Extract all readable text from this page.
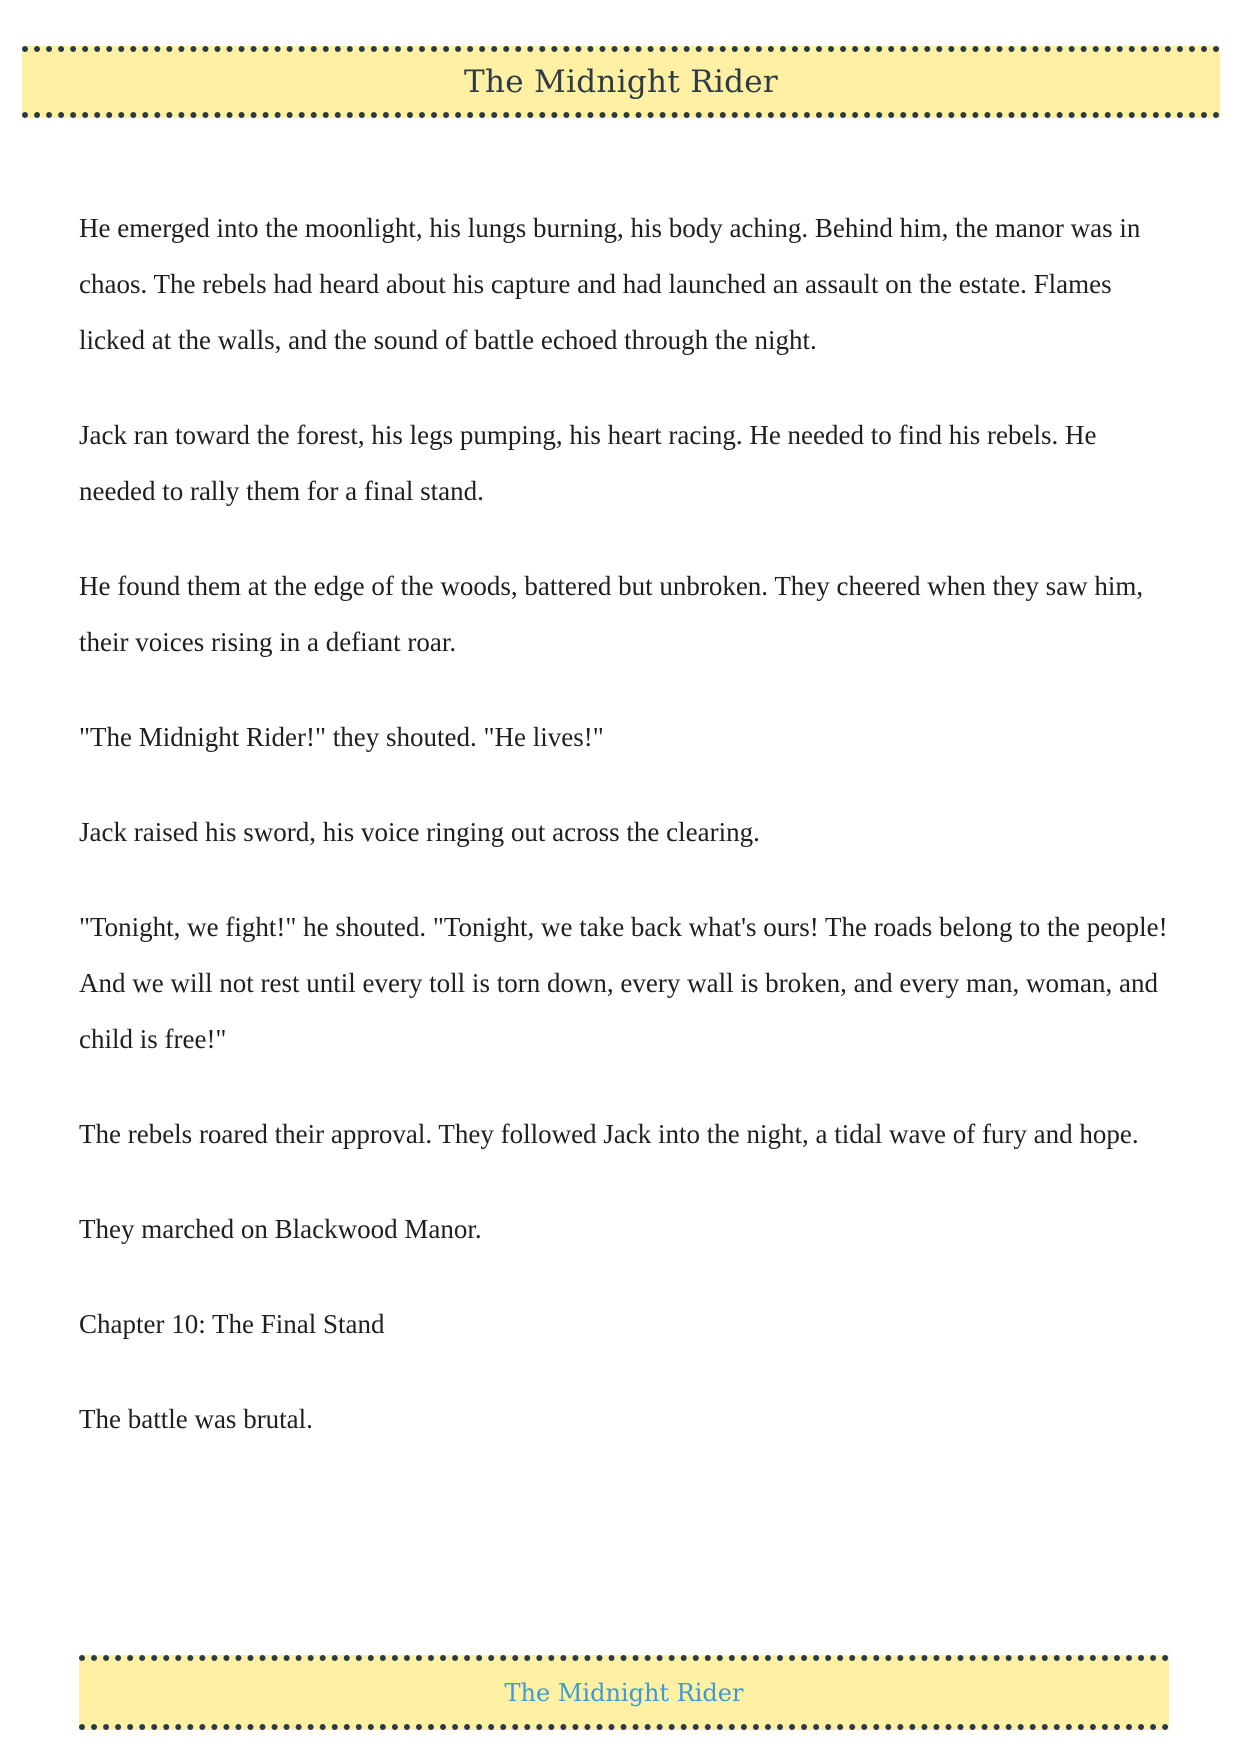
The Midnight Rider

He emerged into the moonlight, his lungs burning, his body aching. Behind him, the manor was in chaos. The rebels had heard about his capture and had launched an assault on the estate. Flames licked at the walls, and the sound of battle echoed through the night.

Jack ran toward the forest, his legs pumping, his heart racing. He needed to find his rebels. He needed to rally them for a final stand.

He found them at the edge of the woods, battered but unbroken. They cheered when they saw him, their voices rising in a defiant roar.

"The Midnight Rider!" they shouted. "He lives!"

Jack raised his sword, his voice ringing out across the clearing.

"Tonight, we fight!" he shouted. "Tonight, we take back what's ours! The roads belong to the people! And we will not rest until every toll is torn down, every wall is broken, and every man, woman, and child is free!"

The rebels roared their approval. They followed Jack into the night, a tidal wave of fury and hope.

They marched on Blackwood Manor.

Chapter 10: The Final Stand

The battle was brutal.

The Midnight Rider
